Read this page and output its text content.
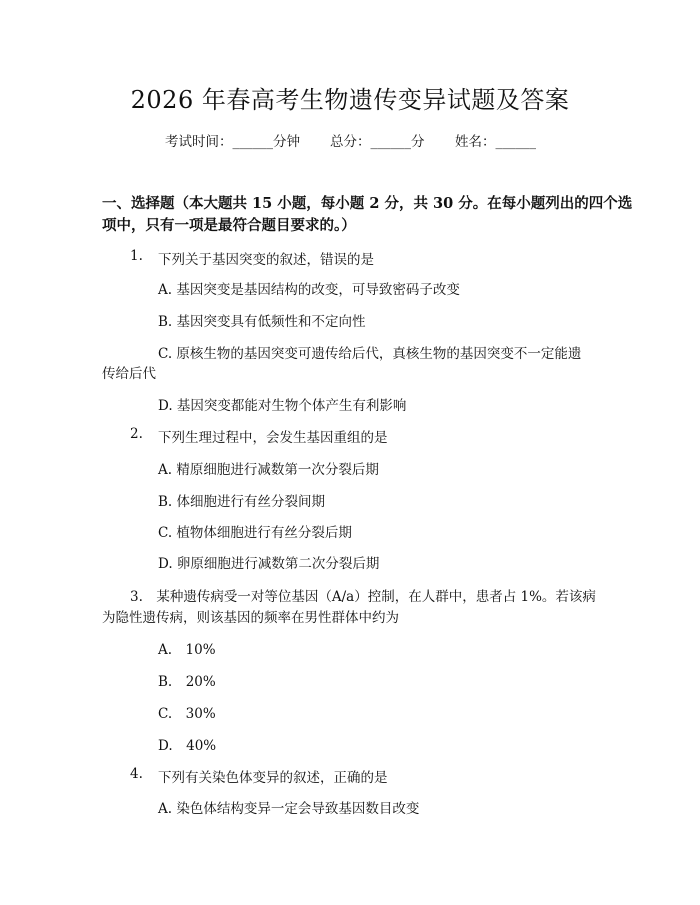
2026 年春高考生物遗传变异试题及答案
考试时间：______分钟 总分：______分 姓名：______
一、选择题（本大题共 15 小题，每小题 2 分，共 30 分。在每小题列出的四个选
项中，只有一项是最符合题目要求的。）
1. 下列关于基因突变的叙述，错误的是
A. 基因突变是基因结构的改变，可导致密码子改变
B. 基因突变具有低频性和不定向性
C. 原核生物的基因突变可遗传给后代，真核生物的基因突变不一定能遗
传给后代
D. 基因突变都能对生物个体产生有利影响
2. 下列生理过程中，会发生基因重组的是
A. 精原细胞进行减数第一次分裂后期
B. 体细胞进行有丝分裂间期
C. 植物体细胞进行有丝分裂后期
D. 卵原细胞进行减数第二次分裂后期
3.　某种遗传病受一对等位基因（A/a）控制，在人群中，患者占 1%。若该病
为隐性遗传病，则该基因的频率在男性群体中约为
A.　10%
B.　20%
C.　30%
D.　40%
4. 下列有关染色体变异的叙述，正确的是
A. 染色体结构变异一定会导致基因数目改变
